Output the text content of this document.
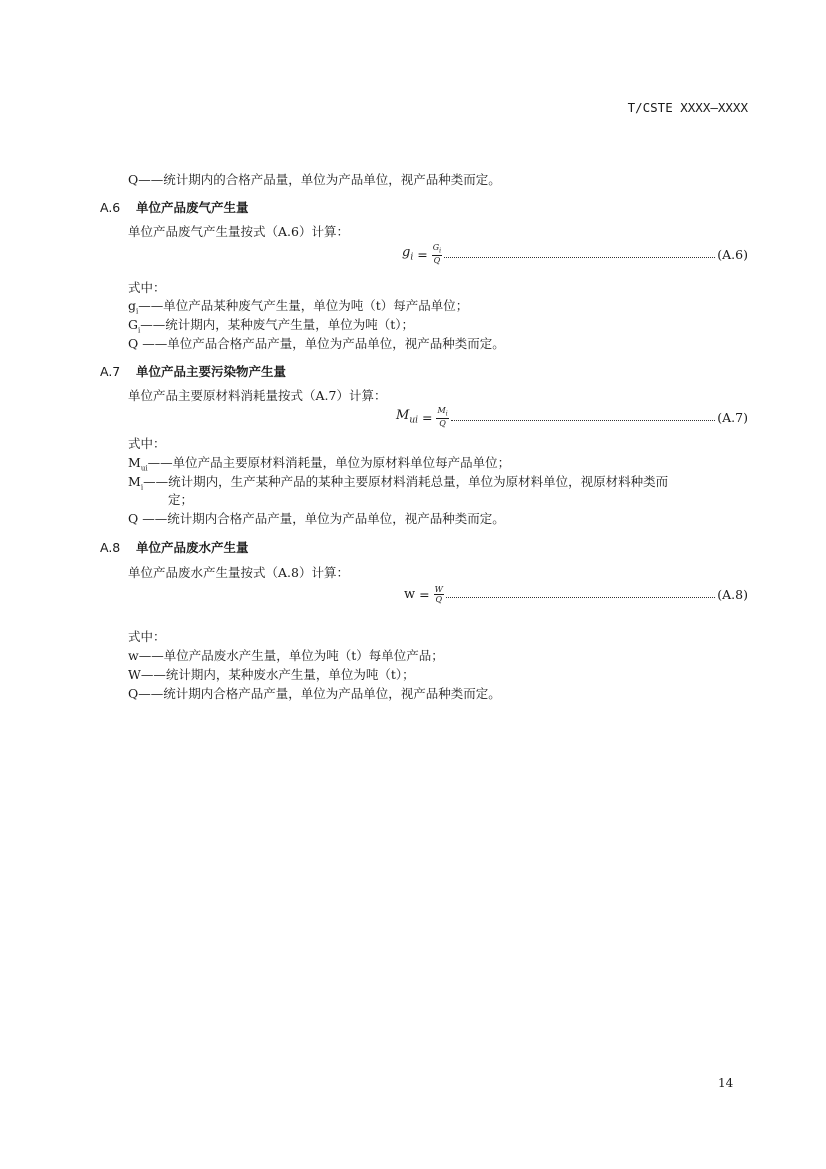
T/CSTE XXXX—XXXX
Q——统计期内的合格产品量，单位为产品单位，视产品种类而定。
A.6 单位产品废气产生量
单位产品废气产生量按式（A.6）计算：
$g_i = \frac{G_i}{Q}$	(A.6)
式中：
$g_i——$单位产品某种废气产生量，单位为吨（t）每产品单位；
$G_i——$统计期内，某种废气产生量，单位为吨（t）；
Q ——单位产品合格产品产量，单位为产品单位，视产品种类而定。
A.7 单位产品主要污染物产生量
单位产品主要原材料消耗量按式（A.7）计算：
$M_{ui} = \frac{M_i}{Q}$	(A.7)
式中：
$M_{ui}——$单位产品主要原材料消耗量，单位为原材料单位每产品单位；
$M_i——$统计期内，生产某种产品的某种主要原材料消耗总量，单位为原材料单位，视原材料种类而
定；
Q ——统计期内合格产品产量，单位为产品单位，视产品种类而定。
A.8 单位产品废水产生量
单位产品废水产生量按式（A.8）计算：
$w = \frac{W}{Q}$	(A.8)
式中：
w——单位产品废水产生量，单位为吨（t）每单位产品；
W——统计期内，某种废水产生量，单位为吨（t）；
Q——统计期内合格产品产量，单位为产品单位，视产品种类而定。
14
